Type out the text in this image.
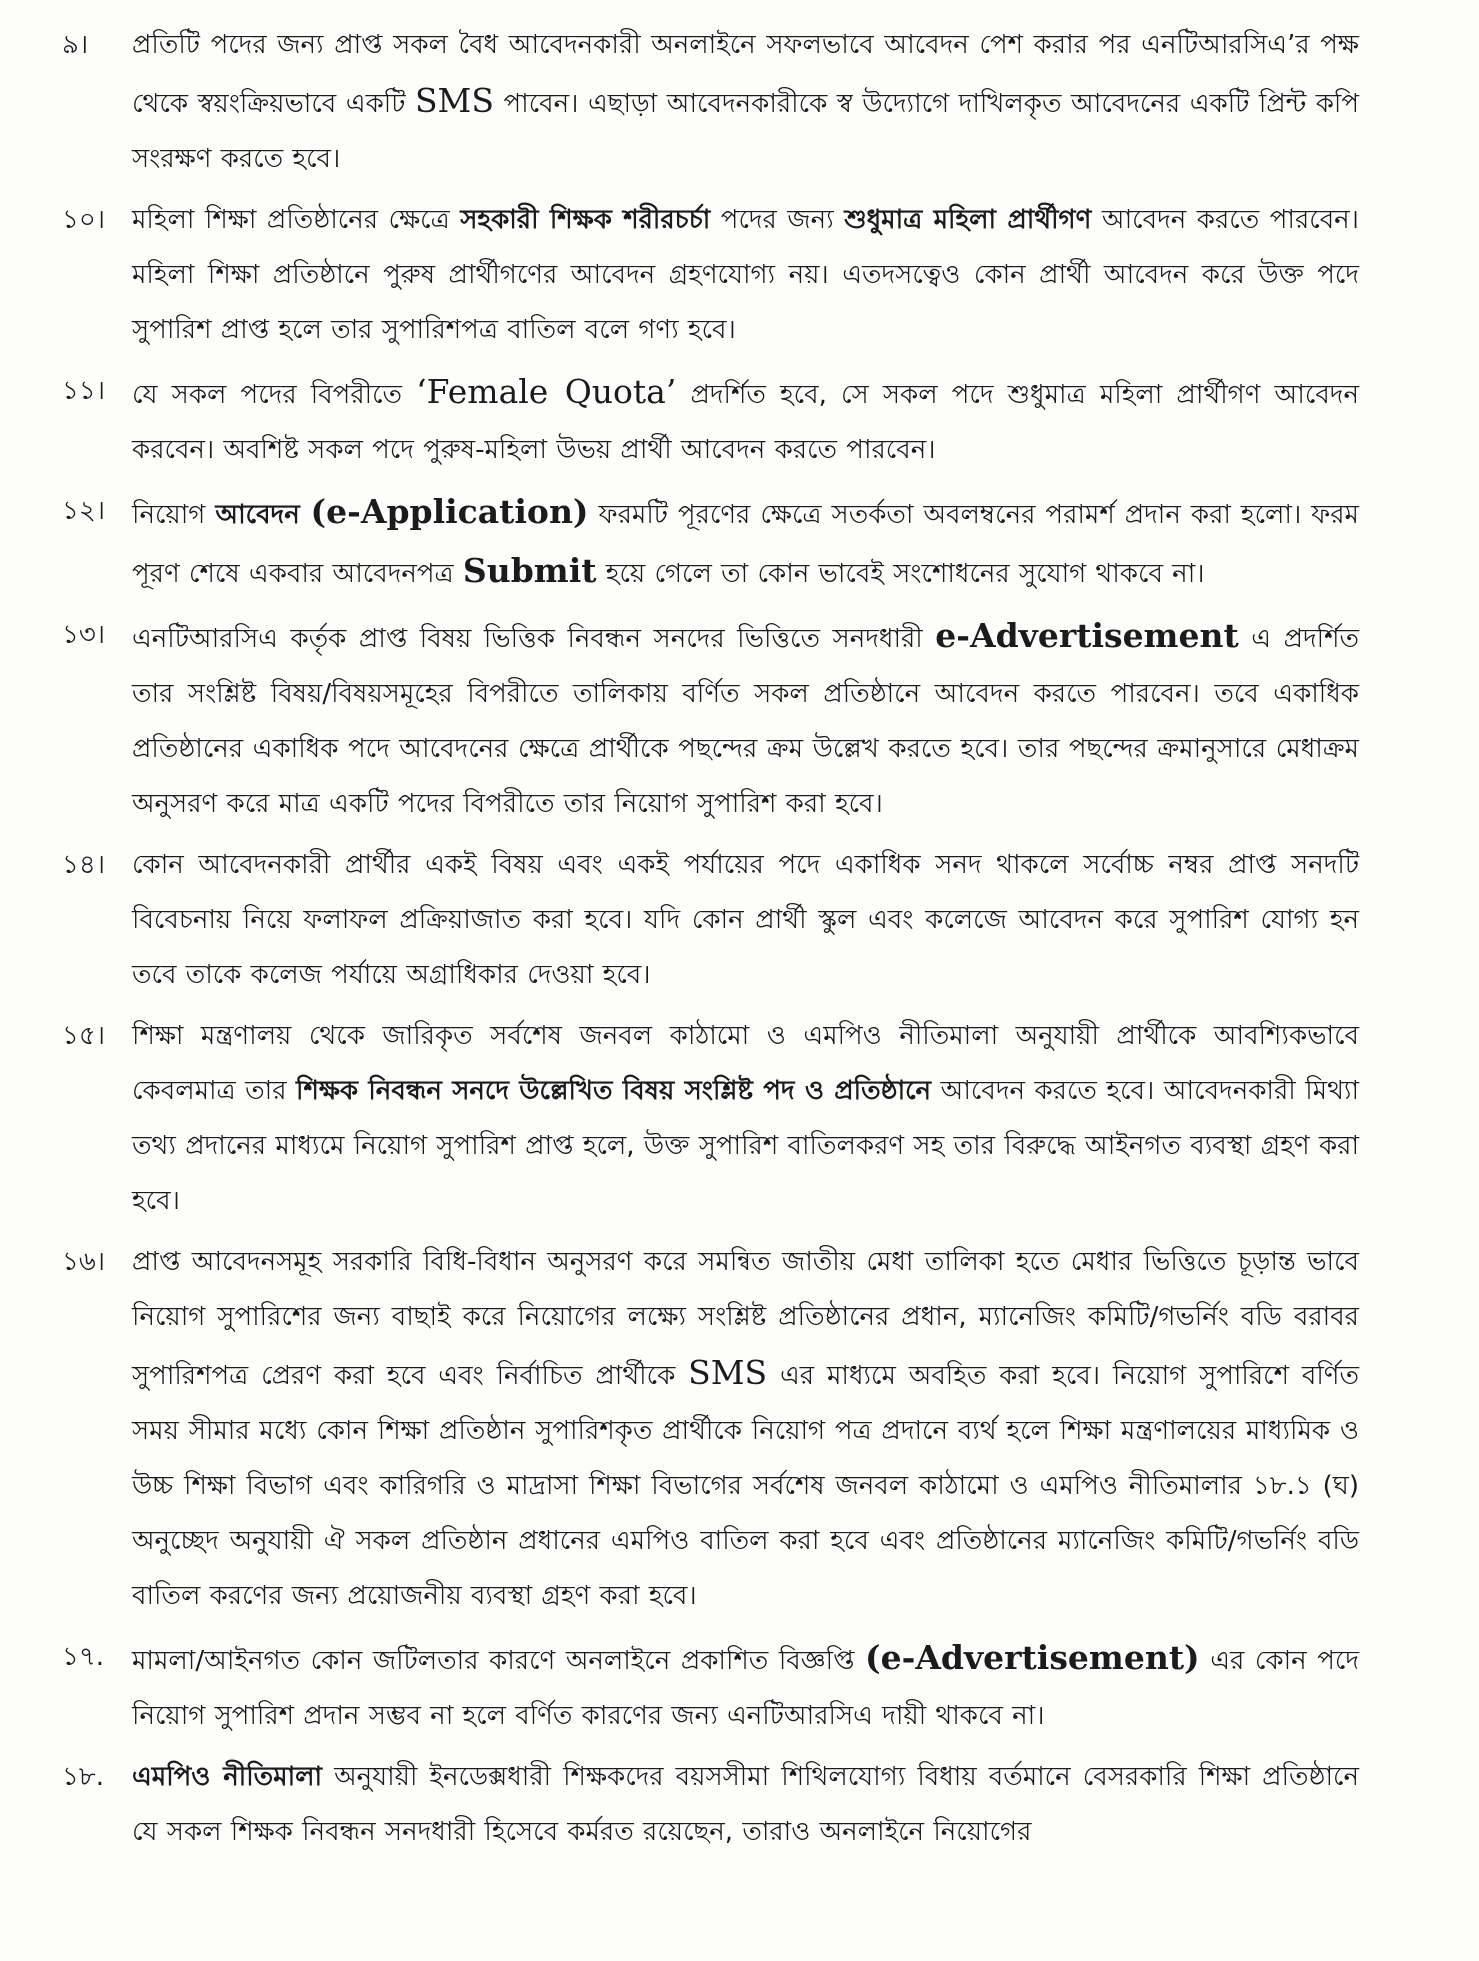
৯।	প্রতিটি পদের জন্য প্রাপ্ত সকল বৈধ আবেদনকারী অনলাইনে সফলভাবে আবেদন পেশ করার পর এনটিআরসিএ’র পক্ষ থেকে স্বয়ংক্রিয়ভাবে একটি SMS পাবেন। এছাড়া আবেদনকারীকে স্ব উদ্যোগে দাখিলকৃত আবেদনের একটি প্রিন্ট কপি সংরক্ষণ করতে হবে।
১০।	মহিলা শিক্ষা প্রতিষ্ঠানের ক্ষেত্রে সহকারী শিক্ষক শরীরচর্চা পদের জন্য শুধুমাত্র মহিলা প্রার্থীগণ আবেদন করতে পারবেন। মহিলা শিক্ষা প্রতিষ্ঠানে পুরুষ প্রার্থীগণের আবেদন গ্রহণযোগ্য নয়। এতদসত্বেও কোন প্রার্থী আবেদন করে উক্ত পদে সুপারিশ প্রাপ্ত হলে তার সুপারিশপত্র বাতিল বলে গণ্য হবে।
১১।	যে সকল পদের বিপরীতে ‘Female Quota’ প্রদর্শিত হবে, সে সকল পদে শুধুমাত্র মহিলা প্রার্থীগণ আবেদন করবেন। অবশিষ্ট সকল পদে পুরুষ-মহিলা উভয় প্রার্থী আবেদন করতে পারবেন।
১২।	নিয়োগ আবেদন (e-Application) ফরমটি পূরণের ক্ষেত্রে সতর্কতা অবলম্বনের পরামর্শ প্রদান করা হলো। ফরম পূরণ শেষে একবার আবেদনপত্র Submit হয়ে গেলে তা কোন ভাবেই সংশোধনের সুযোগ থাকবে না।
১৩।	এনটিআরসিএ কর্তৃক প্রাপ্ত বিষয় ভিত্তিক নিবন্ধন সনদের ভিত্তিতে সনদধারী e-Advertisement এ প্রদর্শিত তার সংশ্লিষ্ট বিষয়/বিষয়সমূহের বিপরীতে তালিকায় বর্ণিত সকল প্রতিষ্ঠানে আবেদন করতে পারবেন। তবে একাধিক প্রতিষ্ঠানের একাধিক পদে আবেদনের ক্ষেত্রে প্রার্থীকে পছন্দের ক্রম উল্লেখ করতে হবে। তার পছন্দের ক্রমানুসারে মেধাক্রম অনুসরণ করে মাত্র একটি পদের বিপরীতে তার নিয়োগ সুপারিশ করা হবে।
১৪।	কোন আবেদনকারী প্রার্থীর একই বিষয় এবং একই পর্যায়ের পদে একাধিক সনদ থাকলে সর্বোচ্চ নম্বর প্রাপ্ত সনদটি বিবেচনায় নিয়ে ফলাফল প্রক্রিয়াজাত করা হবে। যদি কোন প্রার্থী স্কুল এবং কলেজে আবেদন করে সুপারিশ যোগ্য হন তবে তাকে কলেজ পর্যায়ে অগ্রাধিকার দেওয়া হবে।
১৫।	শিক্ষা মন্ত্রণালয় থেকে জারিকৃত সর্বশেষ জনবল কাঠামো ও এমপিও নীতিমালা অনুযায়ী প্রার্থীকে আবশ্যিকভাবে কেবলমাত্র তার শিক্ষক নিবন্ধন সনদে উল্লেখিত বিষয় সংশ্লিষ্ট পদ ও প্রতিষ্ঠানে আবেদন করতে হবে। আবেদনকারী মিথ্যা তথ্য প্রদানের মাধ্যমে নিয়োগ সুপারিশ প্রাপ্ত হলে, উক্ত সুপারিশ বাতিলকরণ সহ তার বিরুদ্ধে আইনগত ব্যবস্থা গ্রহণ করা হবে।
১৬।	প্রাপ্ত আবেদনসমূহ সরকারি বিধি-বিধান অনুসরণ করে সমন্বিত জাতীয় মেধা তালিকা হতে মেধার ভিত্তিতে চূড়ান্ত ভাবে নিয়োগ সুপারিশের জন্য বাছাই করে নিয়োগের লক্ষ্যে সংশ্লিষ্ট প্রতিষ্ঠানের প্রধান, ম্যানেজিং কমিটি/গভর্নিং বডি বরাবর সুপারিশপত্র প্রেরণ করা হবে এবং নির্বাচিত প্রার্থীকে SMS এর মাধ্যমে অবহিত করা হবে। নিয়োগ সুপারিশে বর্ণিত সময় সীমার মধ্যে কোন শিক্ষা প্রতিষ্ঠান সুপারিশকৃত প্রার্থীকে নিয়োগ পত্র প্রদানে ব্যর্থ হলে শিক্ষা মন্ত্রণালয়ের মাধ্যমিক ও উচ্চ শিক্ষা বিভাগ এবং কারিগরি ও মাদ্রাসা শিক্ষা বিভাগের সর্বশেষ জনবল কাঠামো ও এমপিও নীতিমালার ১৮.১ (ঘ) অনুচ্ছেদ অনুযায়ী ঐ সকল প্রতিষ্ঠান প্রধানের এমপিও বাতিল করা হবে এবং প্রতিষ্ঠানের ম্যানেজিং কমিটি/গভর্নিং বডি বাতিল করণের জন্য প্রয়োজনীয় ব্যবস্থা গ্রহণ করা হবে।
১৭.	মামলা/আইনগত কোন জটিলতার কারণে অনলাইনে প্রকাশিত বিজ্ঞপ্তি (e-Advertisement) এর কোন পদে নিয়োগ সুপারিশ প্রদান সম্ভব না হলে বর্ণিত কারণের জন্য এনটিআরসিএ দায়ী থাকবে না।
১৮.	এমপিও নীতিমালা অনুযায়ী ইনডেক্সধারী শিক্ষকদের বয়সসীমা শিথিলযোগ্য বিধায় বর্তমানে বেসরকারি শিক্ষা প্রতিষ্ঠানে যে সকল শিক্ষক নিবন্ধন সনদধারী হিসেবে কর্মরত রয়েছেন, তারাও অনলাইনে নিয়োগের
